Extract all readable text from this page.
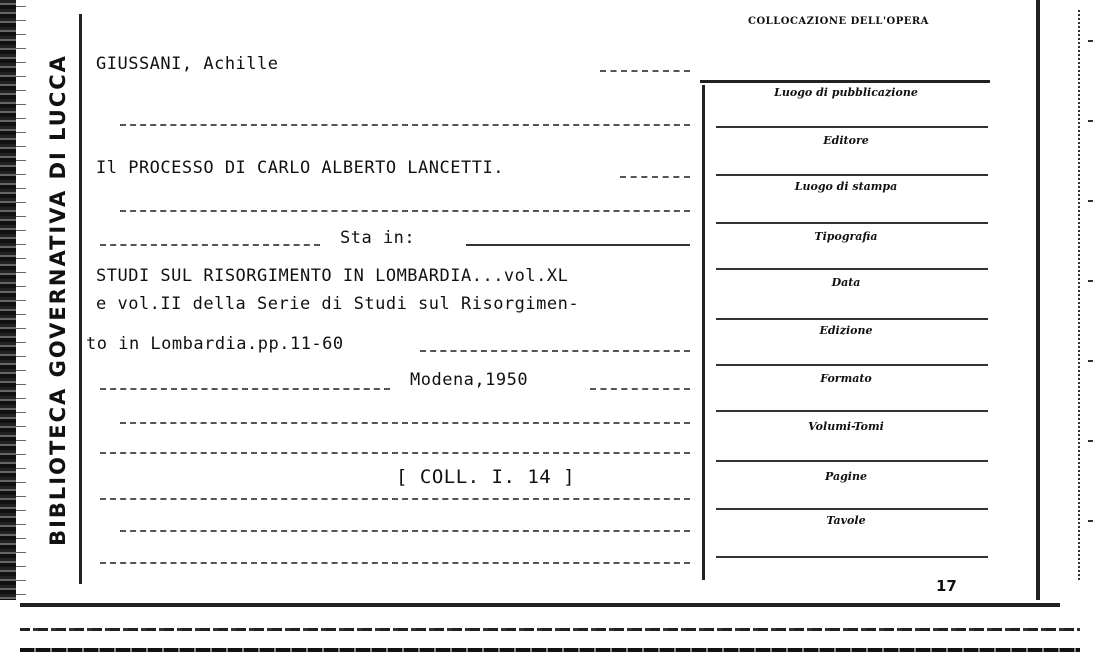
BIBLIOTECA GOVERNATIVA DI LUCCA
COLLOCAZIONE DELL'OPERA
GIUSSANI, Achille
Il PROCESSO DI CARLO ALBERTO LANCETTI.
Sta in:
STUDI SUL RISORGIMENTO IN LOMBARDIA...vol.XL
e vol.II della Serie di Studi sul Risorgimen-
to in Lombardia.pp.11-60
Modena,1950
[ COLL. I. 14 ]
Luogo di pubblicazione
Editore
Luogo di stampa
Tipografia
Data
Edizione
Formato
Volumi-Tomi
Pagine
Tavole
17
